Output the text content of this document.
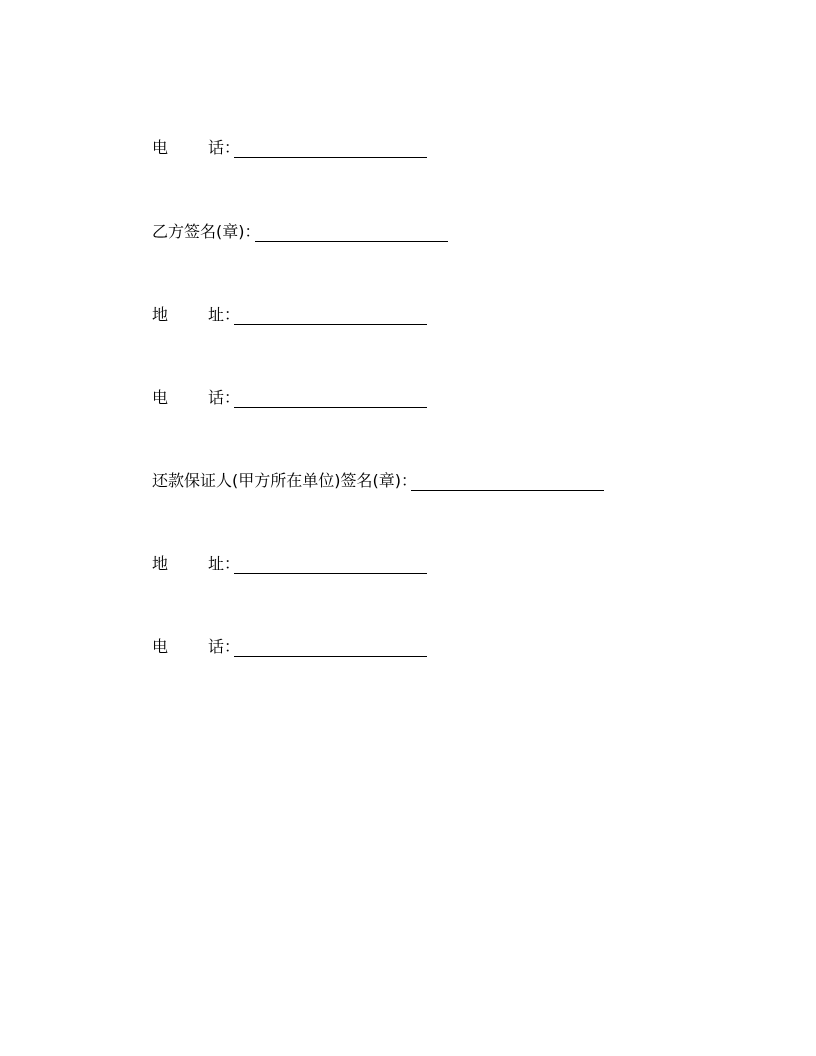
电 话 ：
乙方签名(章) ：
地 址 ：
电 话 ：
还款保证人(甲方所在单位)签名(章) ：
地 址 ：
电 话 ：
